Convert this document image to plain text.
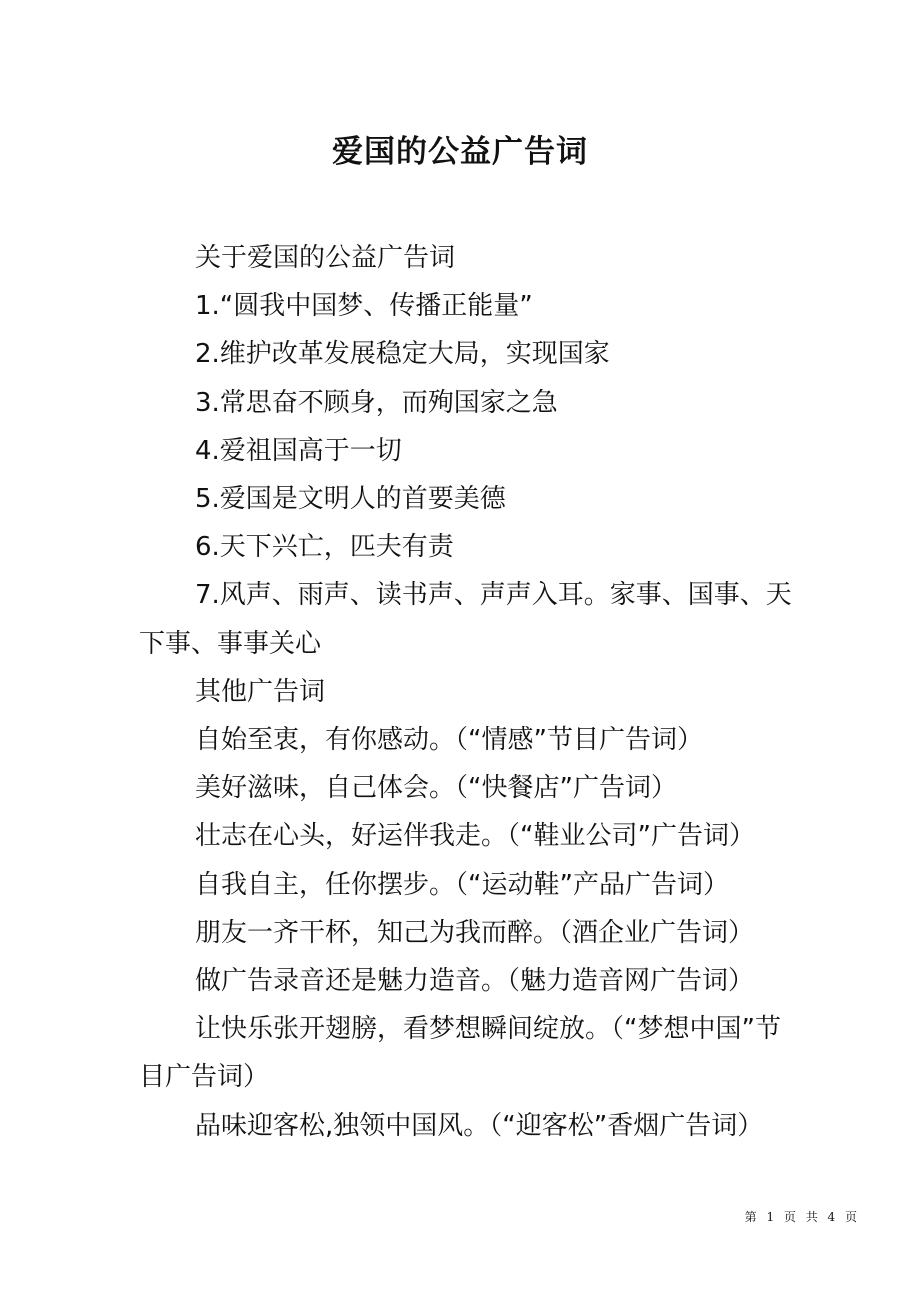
爱国的公益广告词

关于爱国的公益广告词

1.“圆我中国梦、传播正能量”

2.维护改革发展稳定大局，实现国家

3.常思奋不顾身，而殉国家之急

4.爱祖国高于一切

5.爱国是文明人的首要美德

6.天下兴亡，匹夫有责

7.风声、雨声、读书声、声声入耳。家事、国事、天下事、事事关心

其他广告词

自始至衷，有你感动。（“情感”节目广告词）

美好滋味，自己体会。（“快餐店”广告词）

壮志在心头，好运伴我走。（“鞋业公司”广告词）

自我自主，任你摆步。（“运动鞋”产品广告词）

朋友一齐干杯，知己为我而醉。（酒企业广告词）

做广告录音还是魅力造音。（魅力造音网广告词）

让快乐张开翅膀，看梦想瞬间绽放。（“梦想中国”节目广告词）

品味迎客松,独领中国风。（“迎客松”香烟广告词）

第 1 页 共 4 页
